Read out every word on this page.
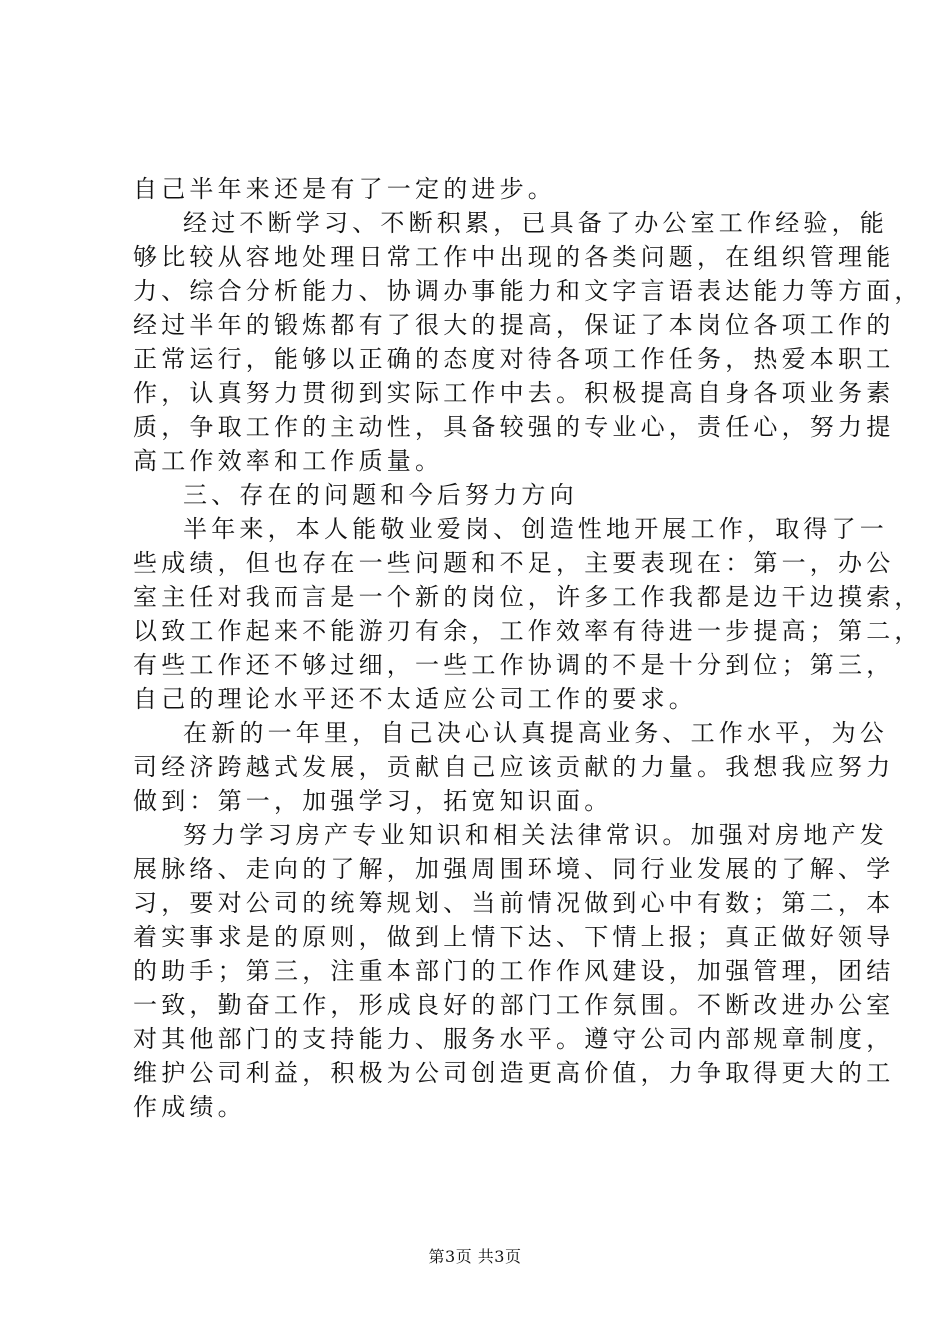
自己半年来还是有了一定的进步。
经过不断学习、不断积累，已具备了办公室工作经验，能
够比较从容地处理日常工作中出现的各类问题，在组织管理能
力、综合分析能力、协调办事能力和文字言语表达能力等方面，
经过半年的锻炼都有了很大的提高，保证了本岗位各项工作的
正常运行，能够以正确的态度对待各项工作任务，热爱本职工
作，认真努力贯彻到实际工作中去。积极提高自身各项业务素
质，争取工作的主动性，具备较强的专业心，责任心，努力提
高工作效率和工作质量。
三、存在的问题和今后努力方向
半年来，本人能敬业爱岗、创造性地开展工作，取得了一
些成绩，但也存在一些问题和不足，主要表现在：第一，办公
室主任对我而言是一个新的岗位，许多工作我都是边干边摸索，
以致工作起来不能游刃有余，工作效率有待进一步提高；第二，
有些工作还不够过细，一些工作协调的不是十分到位；第三，
自己的理论水平还不太适应公司工作的要求。
在新的一年里，自己决心认真提高业务、工作水平，为公
司经济跨越式发展，贡献自己应该贡献的力量。我想我应努力
做到：第一，加强学习，拓宽知识面。
努力学习房产专业知识和相关法律常识。加强对房地产发
展脉络、走向的了解，加强周围环境、同行业发展的了解、学
习，要对公司的统筹规划、当前情况做到心中有数；第二，本
着实事求是的原则，做到上情下达、下情上报；真正做好领导
的助手；第三，注重本部门的工作作风建设，加强管理，团结
一致，勤奋工作，形成良好的部门工作氛围。不断改进办公室
对其他部门的支持能力、服务水平。遵守公司内部规章制度，
维护公司利益，积极为公司创造更高价值，力争取得更大的工
作成绩。
第3页 共3页
